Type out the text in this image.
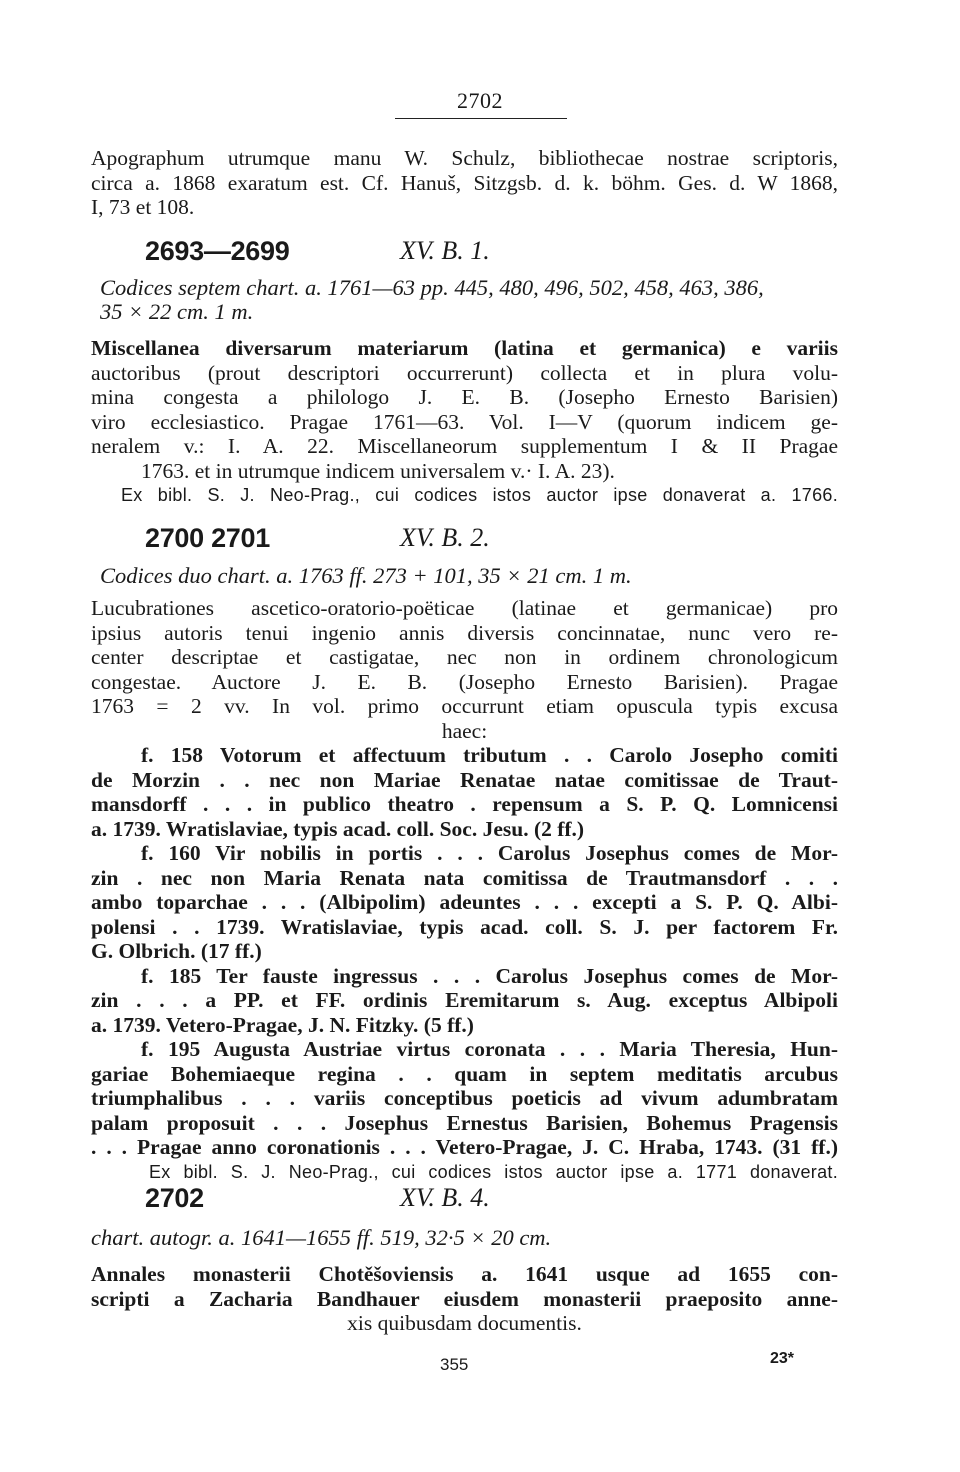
2702
Apographum utrumque manu W. Schulz, bibliothecae nostrae scriptoris,
circa a. 1868 exaratum est. Cf. Hanuš, Sitzgsb. d. k. böhm. Ges. d. W 1868,
I, 73 et 108.
2693—2699	XV. B. 1.
Codices septem chart. a. 1761—63 pp. 445, 480, 496, 502, 458, 463, 386,
35 × 22 cm. 1 m.
Miscellanea diversarum materiarum (latina et germanica) e variis
auctoribus (prout descriptori occurrerunt) collecta et in plura volu-
mina congesta a philologo J. E. B. (Josepho Ernesto Barisien)
viro ecclesiastico. Pragae 1761—63. Vol. I—V (quorum indicem ge-
neralem v.: I. A. 22. Miscellaneorum supplementum I & II Pragae
1763. et in utrumque indicem universalem v.· I. A. 23).
Ex bibl. S. J. Neo-Prag., cui codices istos auctor ipse donaverat a. 1766.
2700 2701	XV. B. 2.
Codices duo chart. a. 1763 ff. 273 + 101, 35 × 21 cm. 1 m.
Lucubrationes ascetico-oratorio-poëticae (latinae et germanicae) pro
ipsius autoris tenui ingenio annis diversis concinnatae, nunc vero re-
center descriptae et castigatae, nec non in ordinem chronologicum
congestae. Auctore J. E. B. (Josepho Ernesto Barisien). Pragae
1763 = 2 vv. In vol. primo occurrunt etiam opuscula typis excusa
haec:
f. 158 Votorum et affectuum tributum . . Carolo Josepho comiti
de Morzin . . nec non Mariae Renatae natae comitissae de Traut-
mansdorff . . . in publico theatro . repensum a S. P. Q. Lomnicensi
a. 1739. Wratislaviae, typis acad. coll. Soc. Jesu. (2 ff.)
f. 160 Vir nobilis in portis . . . Carolus Josephus comes de Mor-
zin . nec non Maria Renata nata comitissa de Trautmansdorf . . .
ambo toparchae . . . (Albipolim) adeuntes . . . excepti a S. P. Q. Albi-
polensi . . 1739. Wratislaviae, typis acad. coll. S. J. per factorem Fr.
G. Olbrich. (17 ff.)
f. 185 Ter fauste ingressus . . . Carolus Josephus comes de Mor-
zin . . . a PP. et FF. ordinis Eremitarum s. Aug. exceptus Albipoli
a. 1739. Vetero-Pragae, J. N. Fitzky. (5 ff.)
f. 195 Augusta Austriae virtus coronata . . . Maria Theresia, Hun-
gariae Bohemiaeque regina . . quam in septem meditatis arcubus
triumphalibus . . . variis conceptibus poeticis ad vivum adumbratam
palam proposuit . . . Josephus Ernestus Barisien, Bohemus Pragensis
. . . Pragae anno coronationis . . . Vetero-Pragae, J. C. Hraba, 1743. (31 ff.)
Ex bibl. S. J. Neo-Prag., cui codices istos auctor ipse a. 1771 donaverat.
2702	XV. B. 4.
chart. autogr. a. 1641—1655 ff. 519, 32·5 × 20 cm.
Annales monasterii Chotěšoviensis a. 1641 usque ad 1655 con-
scripti a Zacharia Bandhauer eiusdem monasterii praeposito anne-
xis quibusdam documentis.
355	23*
